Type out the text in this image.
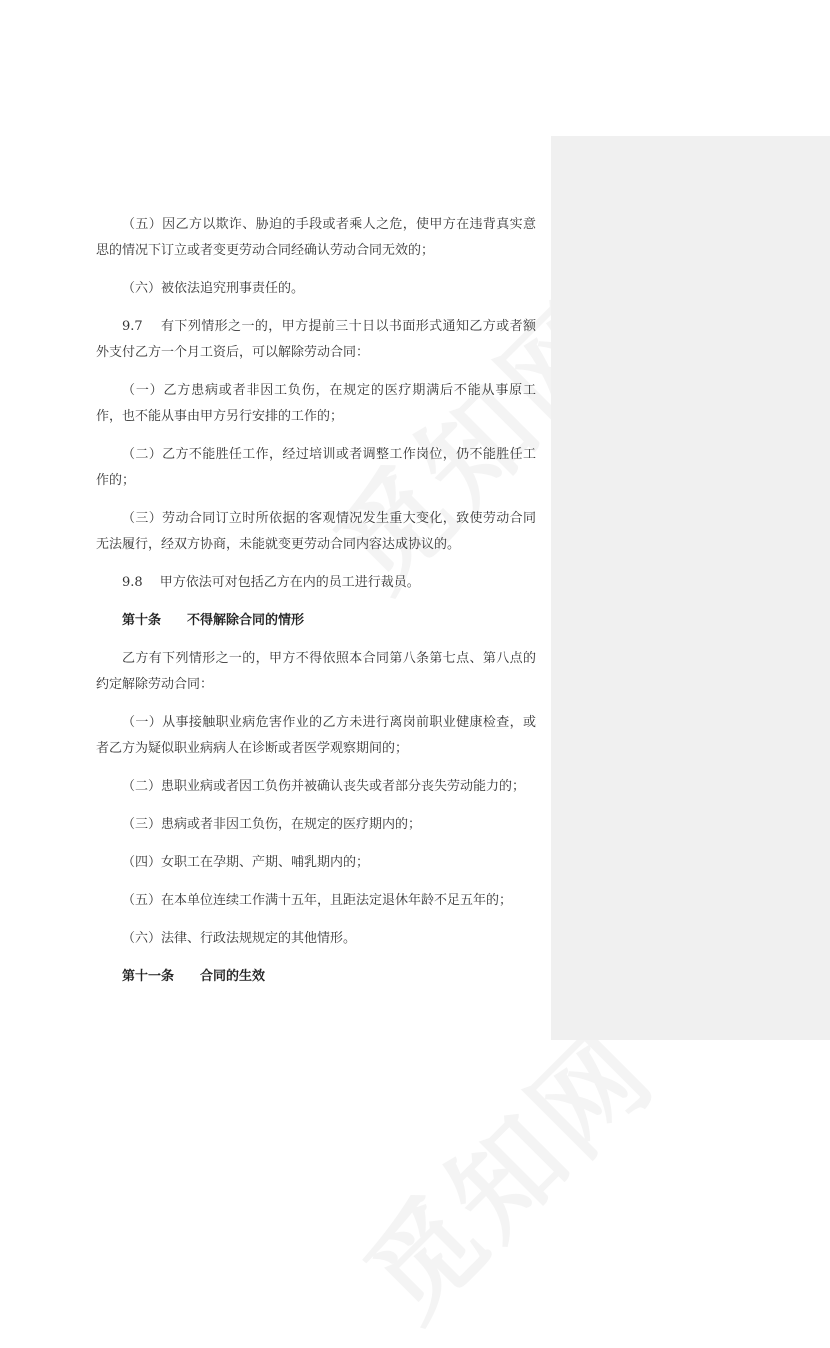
（五）因乙方以欺诈、胁迫的手段或者乘人之危，使甲方在违背真实意思的情况下订立或者变更劳动合同经确认劳动合同无效的；

（六）被依法追究刑事责任的。

9.7　 有下列情形之一的，甲方提前三十日以书面形式通知乙方或者额外支付乙方一个月工资后，可以解除劳动合同：

（一）乙方患病或者非因工负伤，在规定的医疗期满后不能从事原工作，也不能从事由甲方另行安排的工作的；

（二）乙方不能胜任工作，经过培训或者调整工作岗位，仍不能胜任工作的；

（三）劳动合同订立时所依据的客观情况发生重大变化，致使劳动合同无法履行，经双方协商，未能就变更劳动合同内容达成协议的。

9.8　 甲方依法可对包括乙方在内的员工进行裁员。

第十条 不得解除合同的情形

乙方有下列情形之一的，甲方不得依照本合同第八条第七点、第八点的约定解除劳动合同：

（一）从事接触职业病危害作业的乙方未进行离岗前职业健康检查，或者乙方为疑似职业病病人在诊断或者医学观察期间的；

（二）患职业病或者因工负伤并被确认丧失或者部分丧失劳动能力的；

（三）患病或者非因工负伤，在规定的医疗期内的；

（四）女职工在孕期、产期、哺乳期内的；

（五）在本单位连续工作满十五年，且距法定退休年龄不足五年的；

（六）法律、行政法规规定的其他情形。

第十一条 合同的生效
